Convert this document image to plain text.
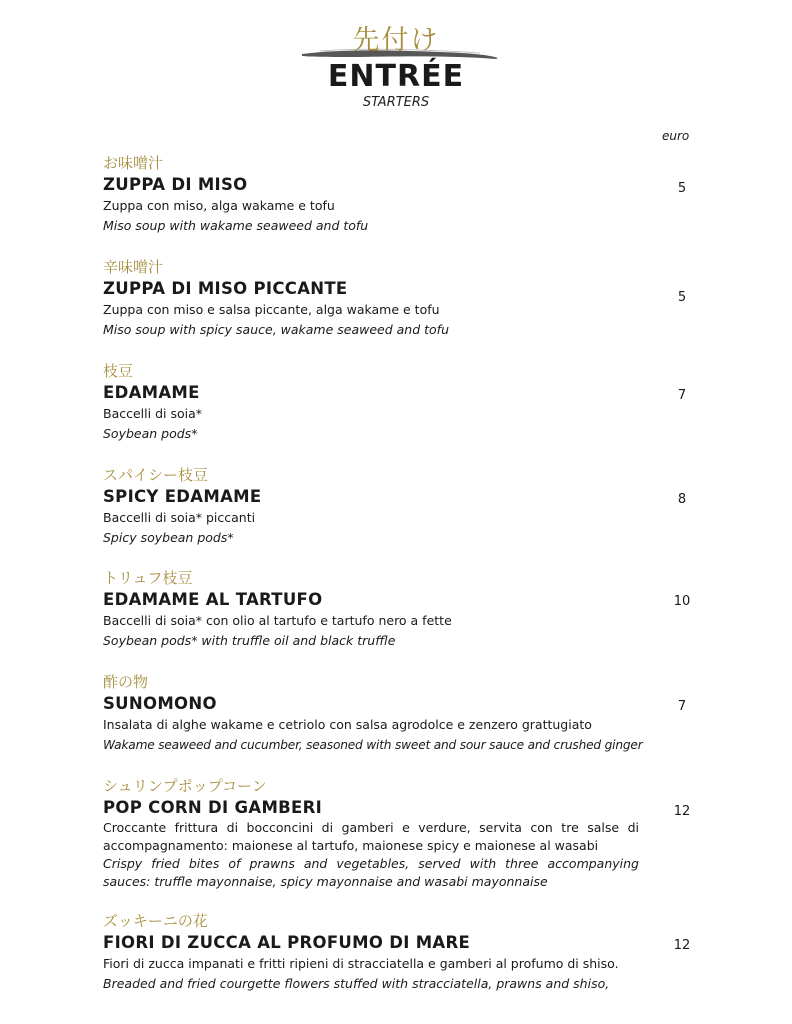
先付け
ENTRÉE
STARTERS
euro
お味噌汁
ZUPPA DI MISO
Zuppa con miso, alga wakame e tofu
Miso soup with wakame seaweed and tofu
5
辛味噌汁
ZUPPA DI MISO PICCANTE
Zuppa con miso e salsa piccante, alga wakame e tofu
Miso soup with spicy sauce, wakame seaweed and tofu
5
枝豆
EDAMAME
Baccelli di soia*
Soybean pods*
7
スパイシー枝豆
SPICY EDAMAME
Baccelli di soia* piccanti
Spicy soybean pods*
8
トリュフ枝豆
EDAMAME AL TARTUFO
Baccelli di soia* con olio al tartufo e tartufo nero a fette
Soybean pods* with truffle oil and black truffle
10
酢の物
SUNOMONO
Insalata di alghe wakame e cetriolo con salsa agrodolce e zenzero grattugiato
Wakame seaweed and cucumber, seasoned with sweet and sour sauce and crushed ginger
7
シュリンプポップコーン
POP CORN DI GAMBERI
Croccante frittura di bocconcini di gamberi e verdure, servita con tre salse di accompagnamento: maionese al tartufo, maionese spicy e maionese al wasabi
Crispy fried bites of prawns and vegetables, served with three accompanying sauces: truffle mayonnaise, spicy mayonnaise and wasabi mayonnaise
12
ズッキーニの花
FIORI DI ZUCCA AL PROFUMO DI MARE
Fiori di zucca impanati e fritti ripieni di stracciatella e gamberi al profumo di shiso.
Breaded and fried courgette flowers stuffed with stracciatella, prawns and shiso,
12
